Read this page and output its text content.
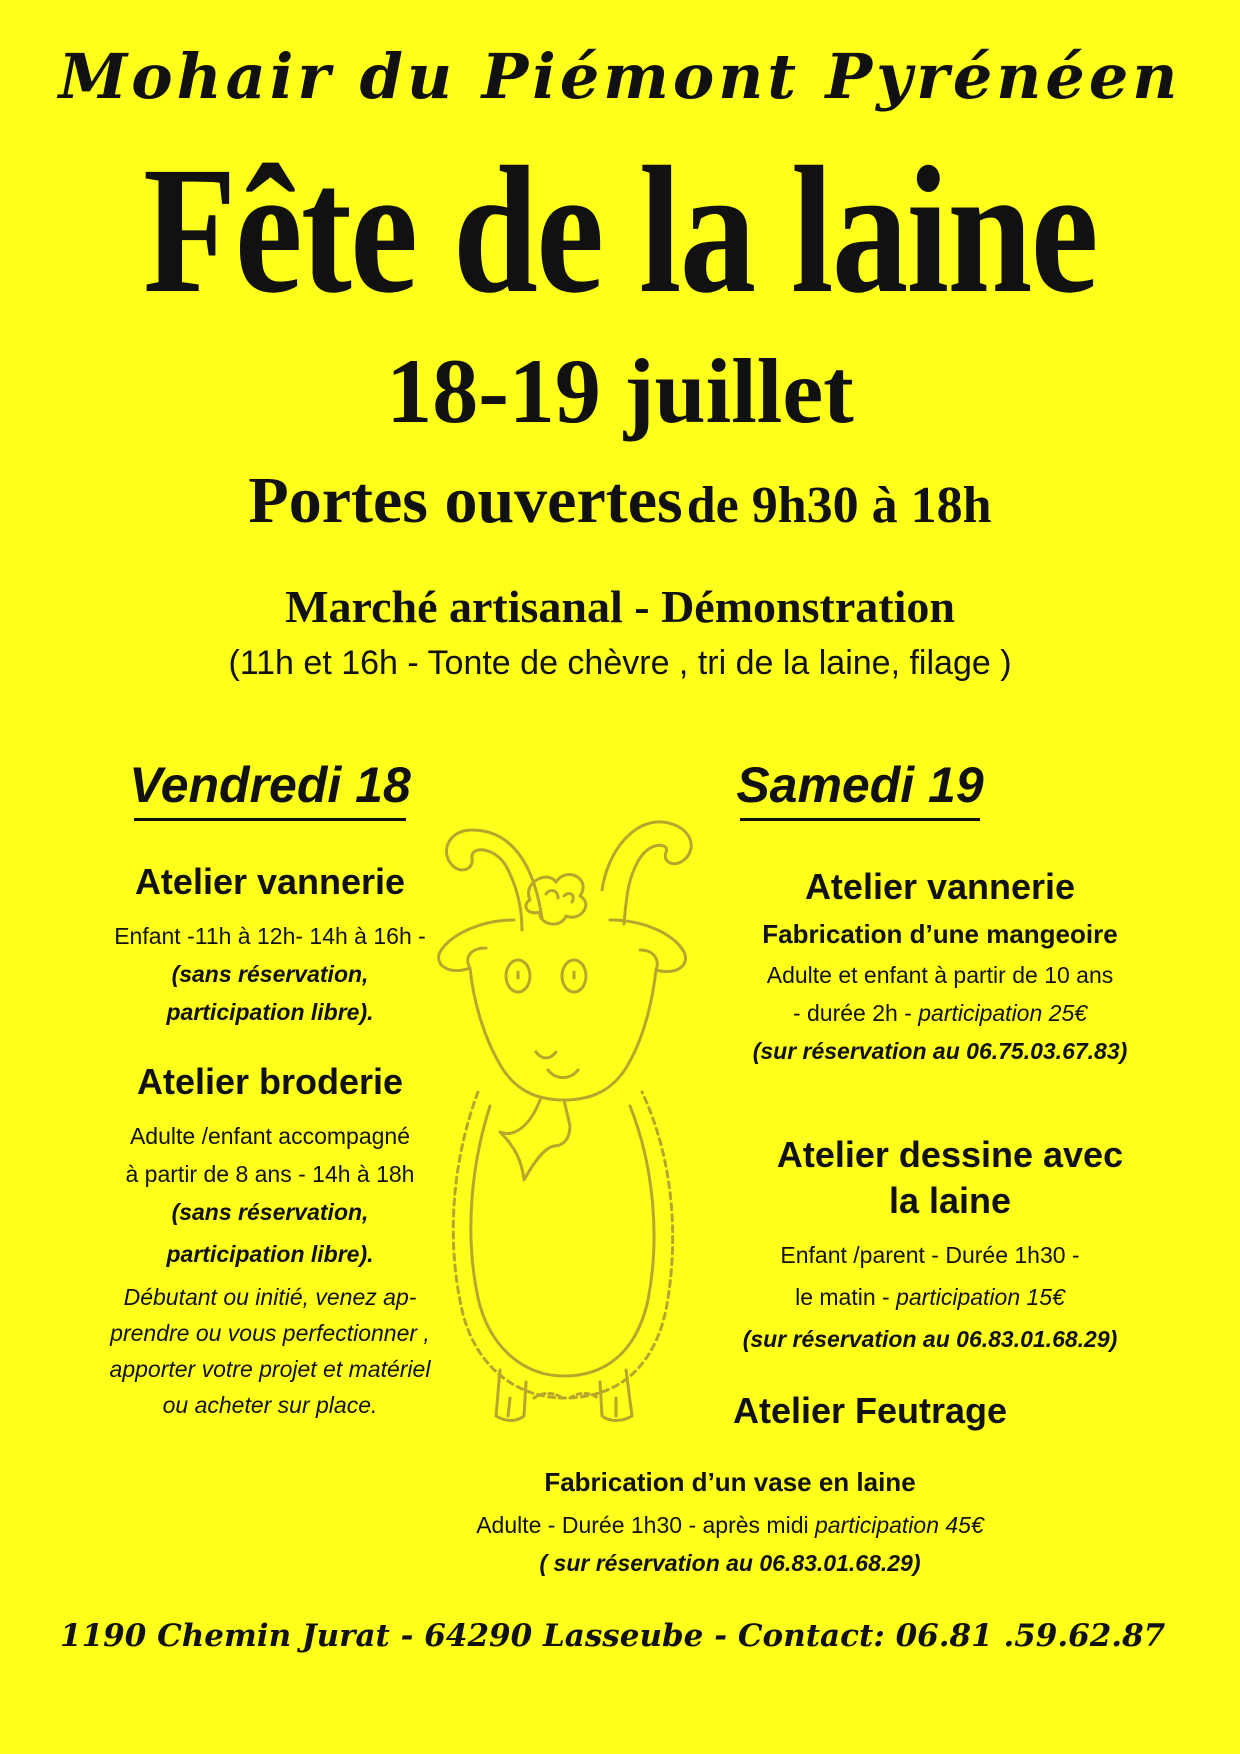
Mohair du Piémont Pyrénéen
Fête de la laine
18-19 juillet
Portes ouvertes de 9h30 à 18h
Marché artisanal - Démonstration
(11h et 16h - Tonte de chèvre , tri de la laine, filage )
Vendredi 18
Atelier vannerie
Enfant -11h à 12h- 14h à 16h -
(sans réservation,
participation libre).
Atelier broderie
Adulte /enfant accompagné
à partir de 8 ans - 14h à 18h
(sans réservation,
participation libre).
Débutant ou initié, venez ap-
prendre ou vous perfectionner ,
apporter votre projet et matériel
ou acheter sur place.
Samedi 19
Atelier vannerie
Fabrication d’une mangeoire
Adulte et enfant à partir de 10 ans
- durée 2h - participation 25€
(sur réservation au 06.75.03.67.83)
Atelier dessine avec
la laine
Enfant /parent - Durée 1h30 -
le matin - participation 15€
(sur réservation au 06.83.01.68.29)
Atelier Feutrage
Fabrication d’un vase en laine
Adulte - Durée 1h30 - après midi participation 45€
( sur réservation au 06.83.01.68.29)
1190 Chemin Jurat - 64290 Lasseube - Contact: 06.81 .59.62.87
